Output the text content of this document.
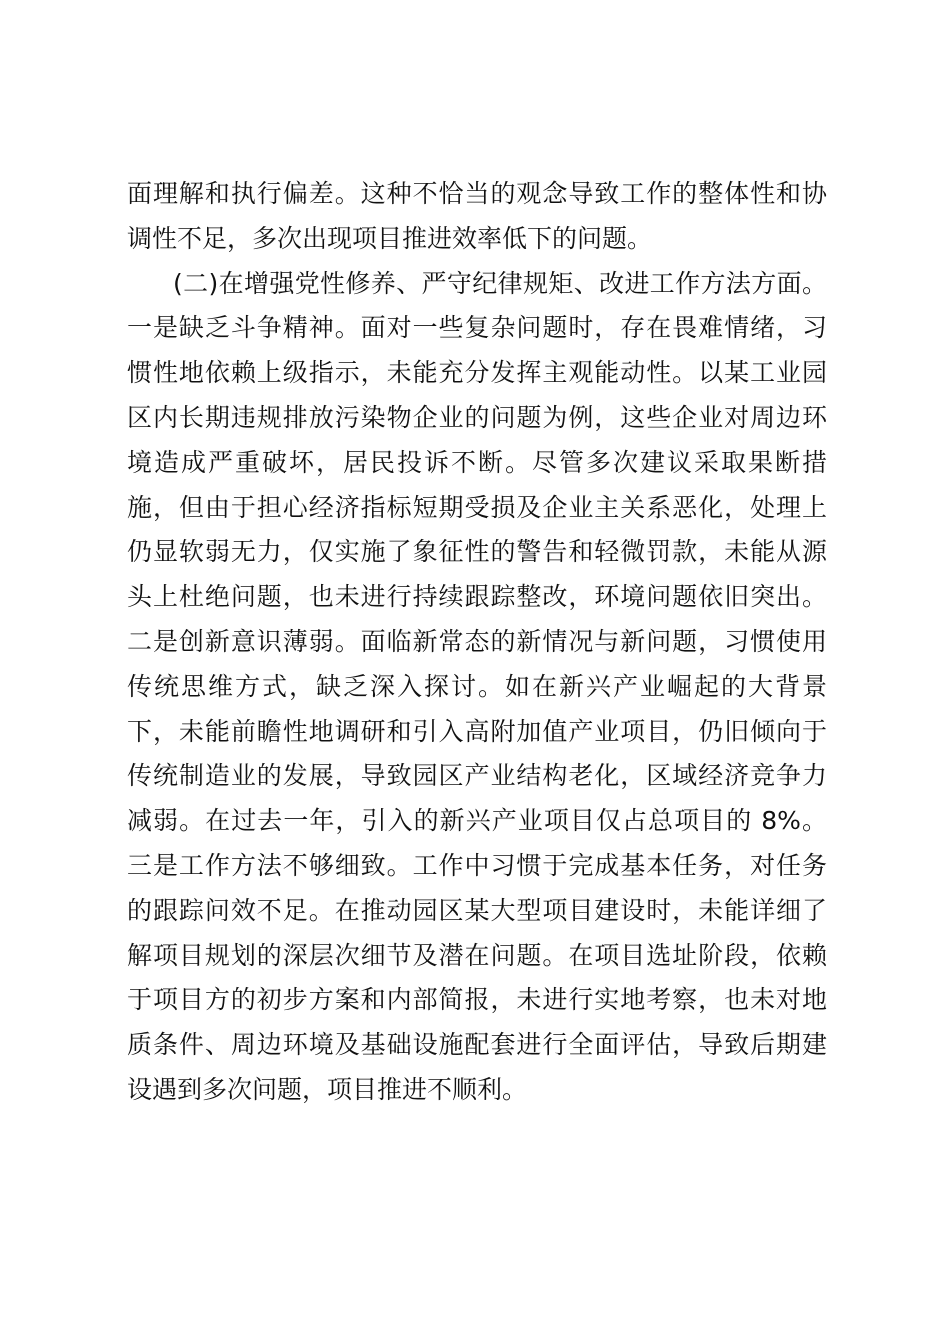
面理解和执行偏差。这种不恰当的观念导致工作的整体性和协
调性不足，多次出现项目推进效率低下的问题。
(二)在增强党性修养、严守纪律规矩、改进工作方法方面。
一是缺乏斗争精神。面对一些复杂问题时，存在畏难情绪，习
惯性地依赖上级指示，未能充分发挥主观能动性。以某工业园
区内长期违规排放污染物企业的问题为例，这些企业对周边环
境造成严重破坏，居民投诉不断。尽管多次建议采取果断措
施，但由于担心经济指标短期受损及企业主关系恶化，处理上
仍显软弱无力，仅实施了象征性的警告和轻微罚款，未能从源
头上杜绝问题，也未进行持续跟踪整改，环境问题依旧突出。
二是创新意识薄弱。面临新常态的新情况与新问题，习惯使用
传统思维方式，缺乏深入探讨。如在新兴产业崛起的大背景
下，未能前瞻性地调研和引入高附加值产业项目，仍旧倾向于
传统制造业的发展，导致园区产业结构老化，区域经济竞争力
减弱。在过去一年，引入的新兴产业项目仅占总项目的 8%。
三是工作方法不够细致。工作中习惯于完成基本任务，对任务
的跟踪问效不足。在推动园区某大型项目建设时，未能详细了
解项目规划的深层次细节及潜在问题。在项目选址阶段，依赖
于项目方的初步方案和内部简报，未进行实地考察，也未对地
质条件、周边环境及基础设施配套进行全面评估，导致后期建
设遇到多次问题，项目推进不顺利。
